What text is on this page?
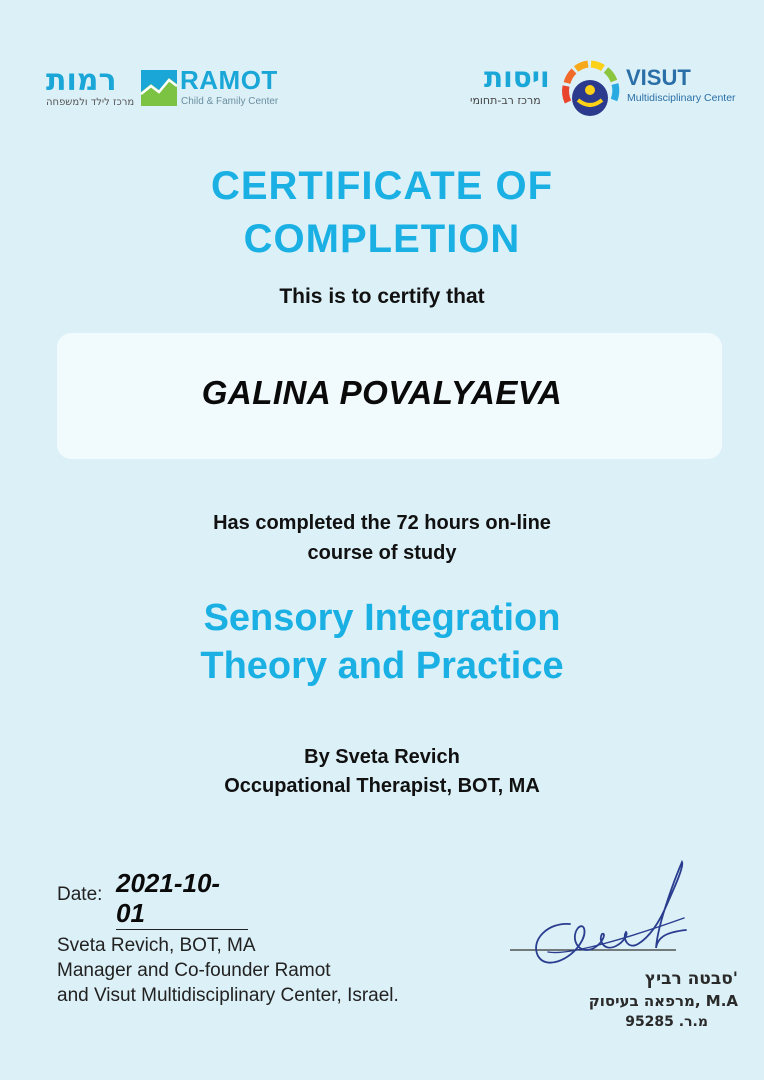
רמות
מרכז לילד ולמשפחה
RAMOT
Child & Family Center
ויסות
מרכז רב-תחומי
VISUT
Multidisciplinary Center
CERTIFICATE OF
COMPLETION
This is to certify that
GALINA POVALYAEVA
Has completed the 72 hours on-line
course of study
Sensory Integration
Theory and Practice
By Sveta Revich
Occupational Therapist, BOT, MA
Date: 2021-10-01
Sveta Revich, BOT, MA
Manager and Co-founder Ramot
and Visut Multidisciplinary Center, Israel.
סבטה רביץ'
מרפאה בעיסוק, M.A
מ.ר. 95285
